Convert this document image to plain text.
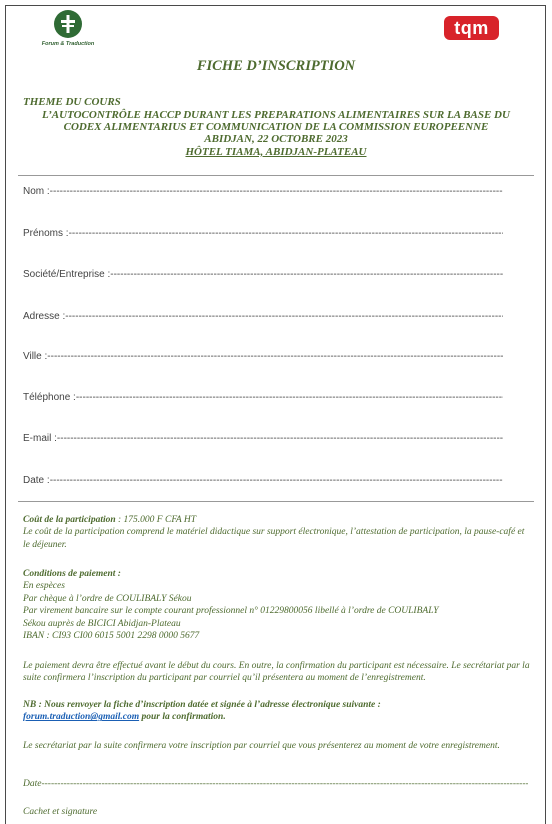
Forum & Traduction
tqm
FICHE D’INSCRIPTION
THEME DU COURS
L’AUTOCONTRÔLE HACCP DURANT LES PREPARATIONS ALIMENTAIRES SUR LA BASE DU
CODEX ALIMENTARIUS ET COMMUNICATION DE LA COMMISSION EUROPEENNE
ABIDJAN, 22 OCTOBRE 2023
HÔTEL TIAMA, ABIDJAN-PLATEAU
Nom :
-----
Prénoms :
-----
Société/Entreprise :
-----
Adresse :
-----
Ville :
-----
Téléphone :
-----
E-mail :
-----
Date :
-----
Coût de la participation : 175.000 F CFA HT
Le coût de la participation comprend le matériel didactique sur support électronique, l’attestation de participation, la pause-café et le déjeuner.
Conditions de paiement :
En espèces
Par chèque à l’ordre de COULIBALY Sékou
Par virement bancaire sur le compte courant professionnel n° 01229800056 libellé à l’ordre de COULIBALY
Sékou auprès de BICICI Abidjan-Plateau
IBAN : CI93 CI00 6015 5001 2298 0000 5677
Le paiement devra être effectué avant le début du cours. En outre, la confirmation du participant est nécessaire. Le secrétariat par la suite confirmera l’inscription du participant par courriel qu’il présentera au moment de l’enregistrement.
NB : Nous renvoyer la fiche d’inscription datée et signée à l’adresse électronique suivante :
forum.traduction@gmail.com pour la confirmation.
Le secrétariat par la suite confirmera votre inscription par courriel que vous présenterez au moment de votre enregistrement.
Date
-----
Cachet et signature
